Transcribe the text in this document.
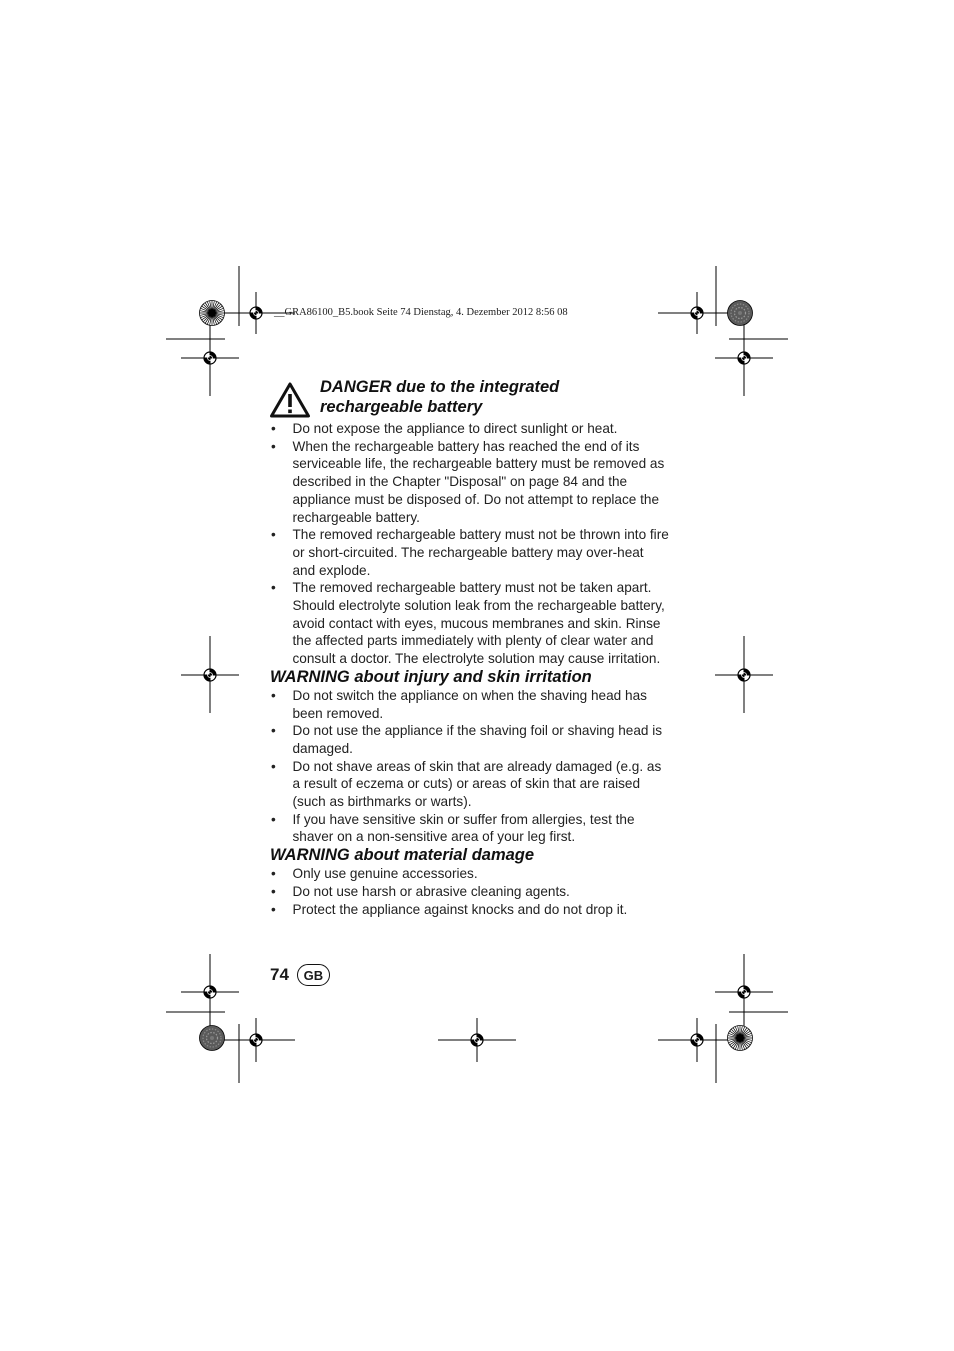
__GRA86100_B5.book Seite 74 Dienstag, 4. Dezember 2012 8:56 08
DANGER due to the integrated
rechargeable battery
• Do not expose the appliance to direct sunlight or heat.
• When the rechargeable battery has reached the end of its serviceable life, the rechargeable battery must be removed as described in the Chapter "Disposal" on page 84 and the appliance must be disposed of. Do not attempt to replace the rechargeable battery.
• The removed rechargeable battery must not be thrown into fire or short-circuited. The rechargeable battery may over-heat and explode.
• The removed rechargeable battery must not be taken apart. Should electrolyte solution leak from the rechargeable battery, avoid contact with eyes, mucous membranes and skin. Rinse the affected parts immediately with plenty of clear water and consult a doctor. The electrolyte solution may cause irritation.
WARNING about injury and skin irritation
• Do not switch the appliance on when the shaving head has been removed.
• Do not use the appliance if the shaving foil or shaving head is damaged.
• Do not shave areas of skin that are already damaged (e.g. as a result of eczema or cuts) or areas of skin that are raised (such as birthmarks or warts).
• If you have sensitive skin or suffer from allergies, test the shaver on a non-sensitive area of your leg first.
WARNING about material damage
• Only use genuine accessories.
• Do not use harsh or abrasive cleaning agents.
• Protect the appliance against knocks and do not drop it.
74	GB
